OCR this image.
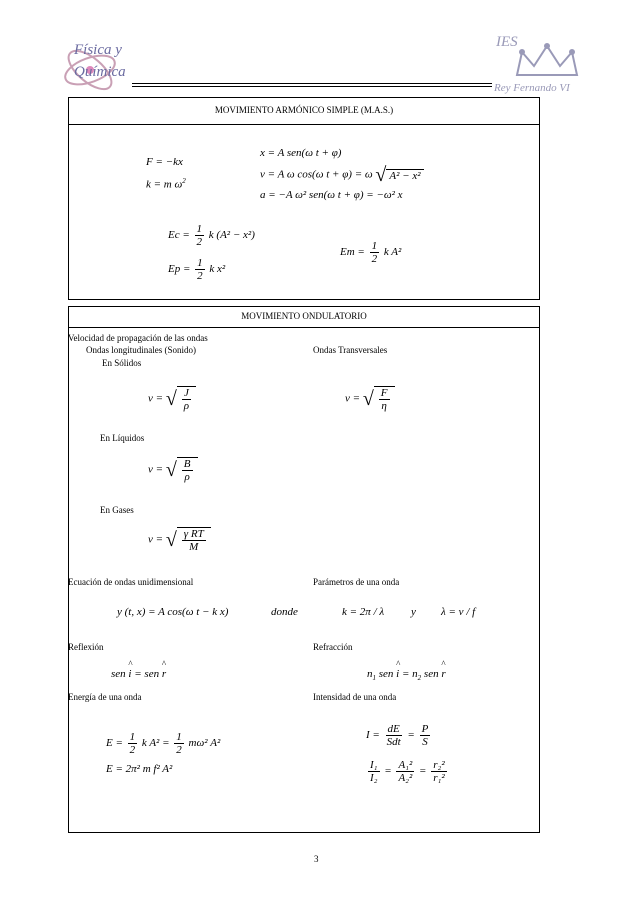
Física y
Química
IES
Rey Fernando VI
MOVIMIENTO ARMÓNICO SIMPLE (M.A.S.)
F = −kx
k = m $\omega^2$
x = A sen(ω t + φ)
v = A ω cos(ω t + φ) = ω √ A² − x²
a = −A ω² sen(ω t + φ) = −ω² x
$Ec = \frac{1}{2}$ k (A² − x²)
$Ep = \frac{1}{2}$ k x²
$Em = \frac{1}{2}$ k A²
MOVIMIENTO ONDULATORIO
Velocidad de propagación de las ondas
Ondas longitudinales (Sonido)	Ondas Transversales
En Sólidos
v = √ $\frac{J}{\rho}$	v = √ $\frac{F}{\eta}$
En Líquidos
v = √ $\frac{B}{\rho}$
En Gases
v = √ $\frac{\text{γ RT}}{M}$
Ecuación de ondas unidimensional	Parámetros de una onda
y (t, x) = A cos(ω t − k x)	donde	k = 2π / λ y λ = v / f
Reflexión	Refracción
sen ^ i = sen ^ r	$n_1$ sen ^ $i = n_2$ sen ^ r
Energía de una onda	Intensidad de una onda
$E = \frac{1}{2}$ k $A^2 = \frac{1}{2} m\omega^2$ A²
E = 2π² m f² A²
$I = \frac{dE}{\text{Sdt}} = \frac{P}{S}$
$\frac{\text{I₁}}{\text{I₂}} = \frac{\text{A₁²}}{\text{A₂²}} = \frac{\text{r₂²}}{\text{r₁²}}$
3
